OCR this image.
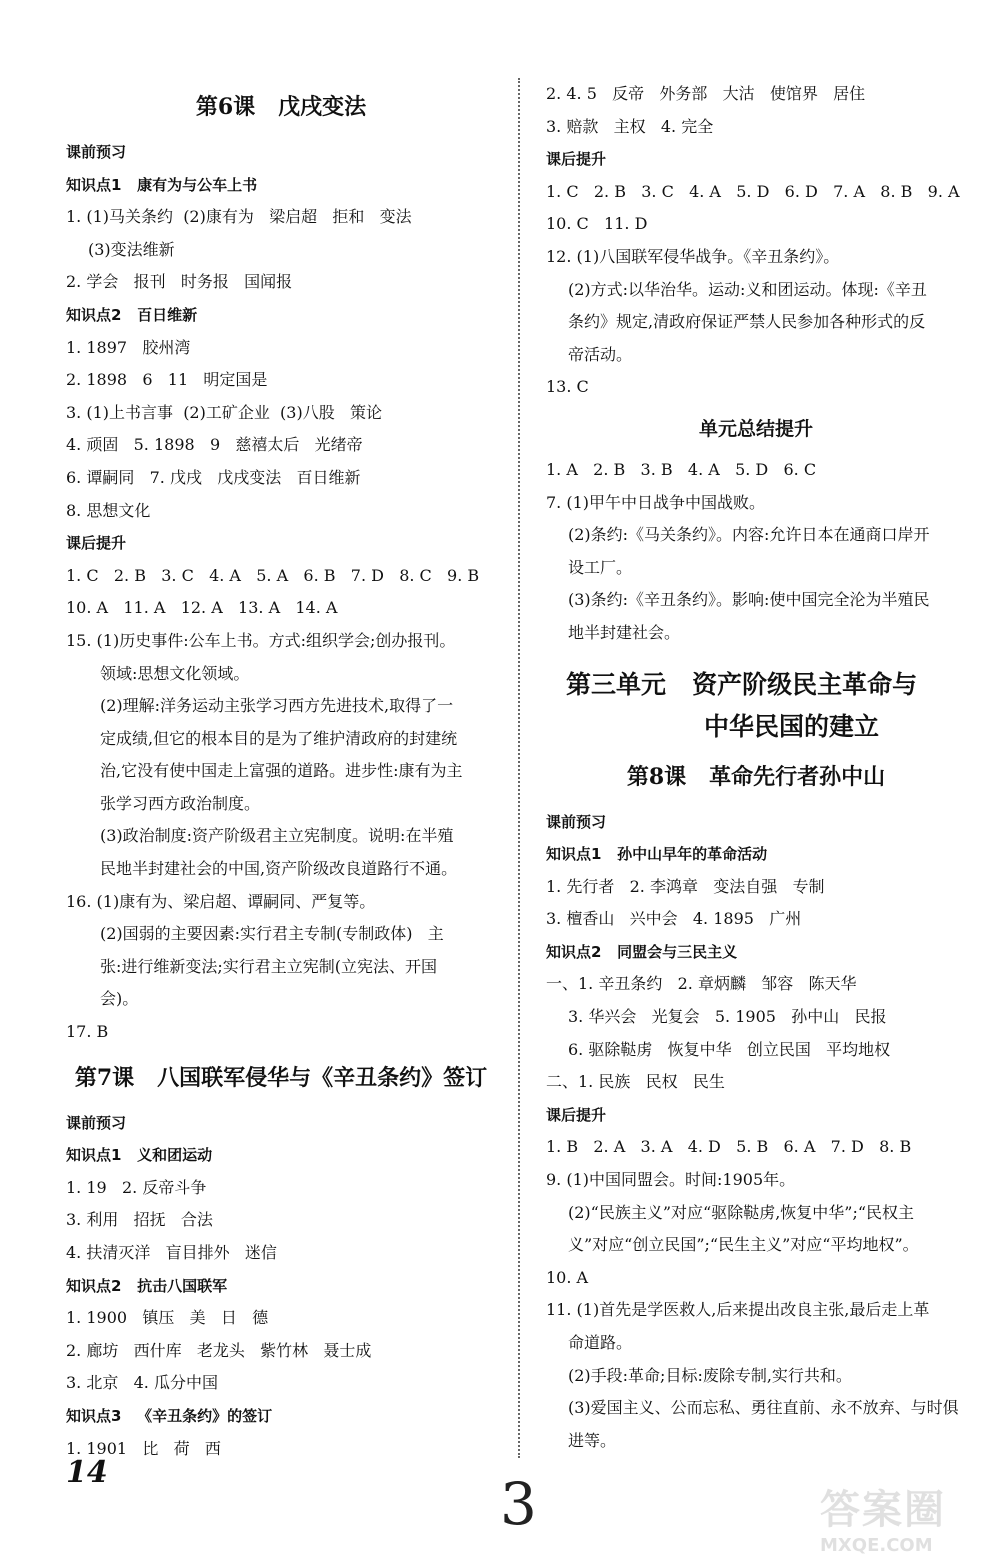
第6课   戊戌变法
课前预习
知识点1   康有为与公车上书
1. (1)马关条约  (2)康有为   梁启超   拒和   变法
(3)变法维新
2. 学会   报刊   时务报   国闻报
知识点2   百日维新
1. 1897   胶州湾
2. 1898   6   11   明定国是
3. (1)上书言事  (2)工矿企业  (3)八股   策论
4. 顽固   5. 1898   9   慈禧太后   光绪帝
6. 谭嗣同   7. 戊戌   戊戌变法   百日维新
8. 思想文化
课后提升
1. C   2. B   3. C   4. A   5. A   6. B   7. D   8. C   9. B
10. A   11. A   12. A   13. A   14. A
15. (1)历史事件:公车上书。方式:组织学会;创办报刊。
领域:思想文化领域。
(2)理解:洋务运动主张学习西方先进技术,取得了一
定成绩,但它的根本目的是为了维护清政府的封建统
治,它没有使中国走上富强的道路。进步性:康有为主
张学习西方政治制度。
(3)政治制度:资产阶级君主立宪制度。说明:在半殖
民地半封建社会的中国,资产阶级改良道路行不通。
16. (1)康有为、梁启超、谭嗣同、严复等。
(2)国弱的主要因素:实行君主专制(专制政体)   主
张:进行维新变法;实行君主立宪制(立宪法、开国
会)。
17. B
第7课   八国联军侵华与《辛丑条约》签订
课前预习
知识点1   义和团运动
1. 19   2. 反帝斗争
3. 利用   招抚   合法
4. 扶清灭洋   盲目排外   迷信
知识点2   抗击八国联军
1. 1900   镇压   美   日   德
2. 廊坊   西什库   老龙头   紫竹林   聂士成
3. 北京   4. 瓜分中国
知识点3   《辛丑条约》的签订
1. 1901   比   荷   西
2. 4. 5   反帝   外务部   大沽   使馆界   居住
3. 赔款   主权   4. 完全
课后提升
1. C   2. B   3. C   4. A   5. D   6. D   7. A   8. B   9. A
10. C   11. D
12. (1)八国联军侵华战争。《辛丑条约》。
(2)方式:以华治华。运动:义和团运动。体现:《辛丑
条约》规定,清政府保证严禁人民参加各种形式的反
帝活动。
13. C
单元总结提升
1. A   2. B   3. B   4. A   5. D   6. C
7. (1)甲午中日战争中国战败。
(2)条约:《马关条约》。内容:允许日本在通商口岸开
设工厂。
(3)条约:《辛丑条约》。影响:使中国完全沦为半殖民
地半封建社会。
第三单元   资产阶级民主革命与
中华民国的建立
第8课   革命先行者孙中山
课前预习
知识点1   孙中山早年的革命活动
1. 先行者   2. 李鸿章   变法自强   专制
3. 檀香山   兴中会   4. 1895   广州
知识点2   同盟会与三民主义
一、1. 辛丑条约   2. 章炳麟   邹容   陈天华
3. 华兴会   光复会   5. 1905   孙中山   民报
6. 驱除鞑虏   恢复中华   创立民国   平均地权
二、1. 民族   民权   民生
课后提升
1. B   2. A   3. A   4. D   5. B   6. A   7. D   8. B
9. (1)中国同盟会。时间:1905年。
(2)“民族主义”对应“驱除鞑虏,恢复中华”;“民权主
义”对应“创立民国”;“民生主义”对应“平均地权”。
10. A
11. (1)首先是学医救人,后来提出改良主张,最后走上革
命道路。
(2)手段:革命;目标:废除专制,实行共和。
(3)爱国主义、公而忘私、勇往直前、永不放弃、与时俱
进等。
14	3	答案圈
MXQE.COM
